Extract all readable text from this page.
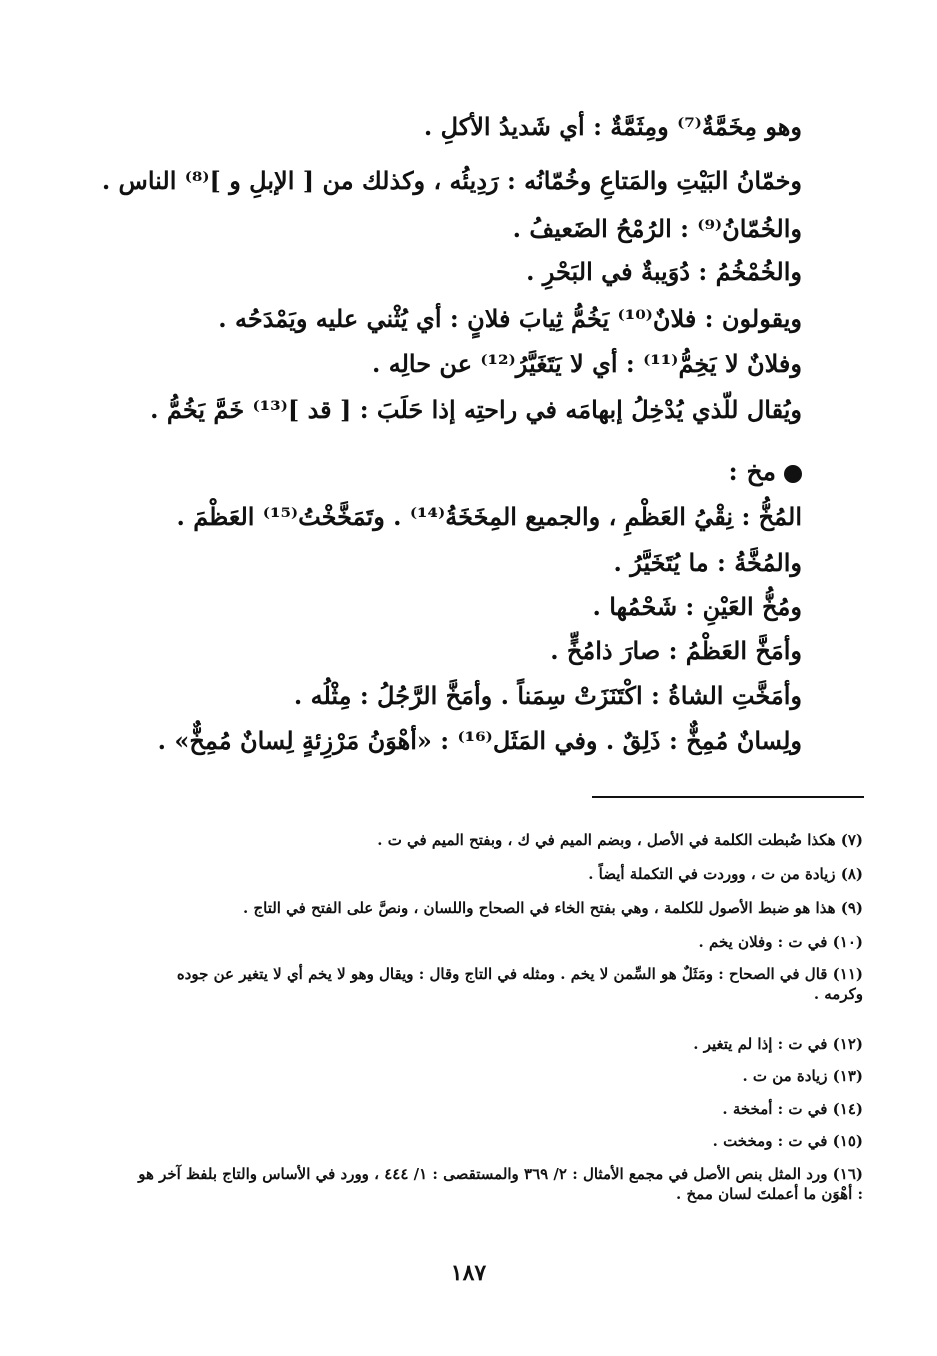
وهو مِخَمَّةٌ⁽⁷⁾ ومِثَمَّةٌ : أي شَديدُ الأكلِ .
وخمّانُ البَيْتِ والمَتاعِ وخُمّانُه : رَدِيئُه ، وكذلك من [ الإبلِ و ]⁽⁸⁾ الناس .
والخُمّانُ⁽⁹⁾ : الرُمْحُ الضَعيفُ .
والخُمْخُمُ : دُوَيبةٌ في البَحْرِ .
ويقولون : فلانٌ⁽¹⁰⁾ يَخُمُّ ثِيابَ فلانٍ : أي يُثْني عليه ويَمْدَحُه .
وفلانٌ لا يَخِمُّ⁽¹¹⁾ : أي لا يَتَغَيَّرُ⁽¹²⁾ عن حالِه .
ويُقال للّذي يُدْخِلُ إبهامَه في راحتِه إذا حَلَبَ : [ قد ]⁽¹³⁾ خَمَّ يَخُمُّ .
مخ :
المُخُّ : نِقْيُ العَظْمِ ، والجميع المِخَخَةُ⁽¹⁴⁾ . وتَمَخَّخْتُ⁽¹⁵⁾ العَظْمَ .
والمُخَّةُ : ما يُتَخَيَّرُ .
ومُخُّ العَيْنِ : شَحْمُها .
وأمَخَّ العَظْمُ : صارَ ذامُخٍّ .
وأمَخَّتِ الشاةُ : اكْتَنَزَتْ سِمَناً . وأمَخَّ الرَّجُلُ : مِثْلُه .
ولِسانٌ مُمِخٌّ : ذَلِقٌ . وفي المَثَل⁽¹⁶⁾ : «أهْوَنُ مَرْزِئةٍ لِسانٌ مُمِخٌّ» .
(٧) هكذا ضُبطت الكلمة في الأصل ، وبضم الميم في ك ، وبفتح الميم في ت .
(٨) زيادة من ت ، ووردت في التكملة أيضاً .
(٩) هذا هو ضبط الأصول للكلمة ، وهي بفتح الخاء في الصحاح واللسان ، ونصَّ على الفتح في التاج .
(١٠) في ت : وفلان يخم .
(١١) قال في الصحاح : ومَثَلٌ هو السِّمن لا يخم . ومثله في التاج وقال : ويقال وهو لا يخم أي لا يتغير عن جوده وكرمه .
(١٢) في ت : إذا لم يتغير .
(١٣) زيادة من ت .
(١٤) في ت : أمخخة .
(١٥) في ت : ومخخت .
(١٦) ورد المثل بنص الأصل في مجمع الأمثال : ٢/ ٣٦٩ والمستقصى : ١/ ٤٤٤ ، وورد في الأساس والتاج بلفظ آخر هو : أهْوَن ما أعملتَ لسان ممخ .
١٨٧
